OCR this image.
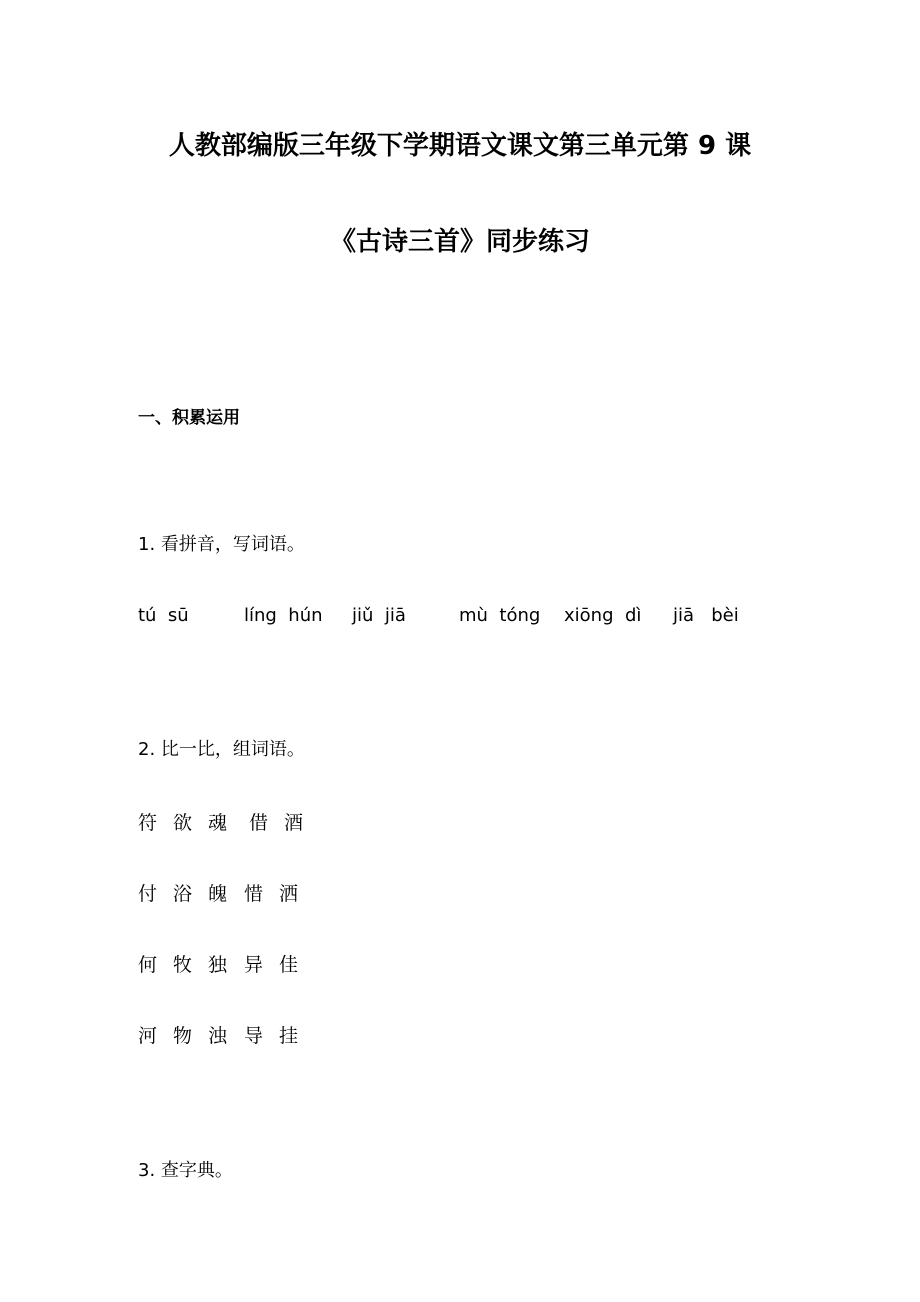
人教部编版三年级下学期语文课文第三单元第 9 课
《古诗三首》同步练习
一、积累运用
1. 看拼音，写词语。
tú  sū	líng  hún jiǔ  jiā	mù  tóng xiōng  dì jiā   bèi
2. 比一比，组词语。
符 欲 魂 借 酒
付 浴 魄 惜 洒
何 牧 独 异 佳
河 物 浊 导 挂
3. 查字典。
